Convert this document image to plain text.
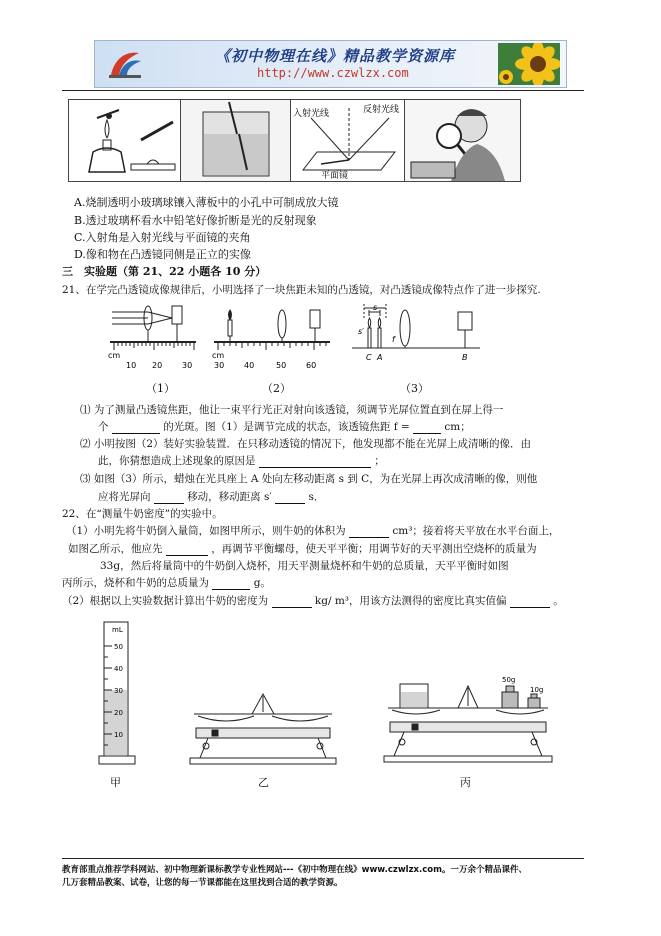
《初中物理在线》精品教学资源库
http://www.czwlzx.com
入射光线	反射光线
平面镜
A.烧制透明小玻璃球镶入薄板中的小孔中可制成放大镜
B.透过玻璃杯看水中铅笔好像折断是光的反射现象
C.入射角是入射光线与平面镜的夹角
D.像和物在凸透镜同侧是正立的实像
三　实验题（第 21、22 小题各 10 分）
21、在学完凸透镜成像规律后，小明选择了一块焦距未知的凸透镜，对凸透镜成像特点作了进一步探究.
cm
10 20 30
cm
30 40	50 60
s
s′
f
C A	B
（1）	（2）	（3）
⑴ 为了测量凸透镜焦距，他让一束平行光正对射向该透镜，须调节光屏位置直到在屏上得一
个	的光斑。图（1）是调节完成的状态，该透镜焦距 f =	cm；
⑵ 小明按图（2）装好实验装置．在只移动透镜的情况下，他发现都不能在光屏上成清晰的像．由
此，你猜想造成上述现象的原因是	；
⑶ 如图（3）所示，蜡烛在光具座上 A 处向左移动距离 s 到 C，为在光屏上再次成清晰的像，则他
应将光屏向	移动，移动距离 s′	s．
22、在“测量牛奶密度”的实验中。
（1）小明先将牛奶倒入量筒，如图甲所示，则牛奶的体积为	cm³；接着将天平放在水平台面上，
如图乙所示，他应先	，再调节平衡螺母，使天平平衡；用调节好的天平测出空烧杯的质量为
33g，然后将量筒中的牛奶倒入烧杯，用天平测量烧杯和牛奶的总质量，天平平衡时如图
丙所示，烧杯和牛奶的总质量为	g。
（2）根据以上实验数据计算出牛奶的密度为	kg/ m³，用该方法测得的密度比真实值偏	。
mL
50
40
30
20
10
甲	乙
50g
10g
丙
教育部重点推荐学科网站、初中物理新课标教学专业性网站---《初中物理在线》www.czwlzx.com。一万余个精品课件、
几万套精品教案、试卷，让您的每一节课都能在这里找到合适的教学资源。
